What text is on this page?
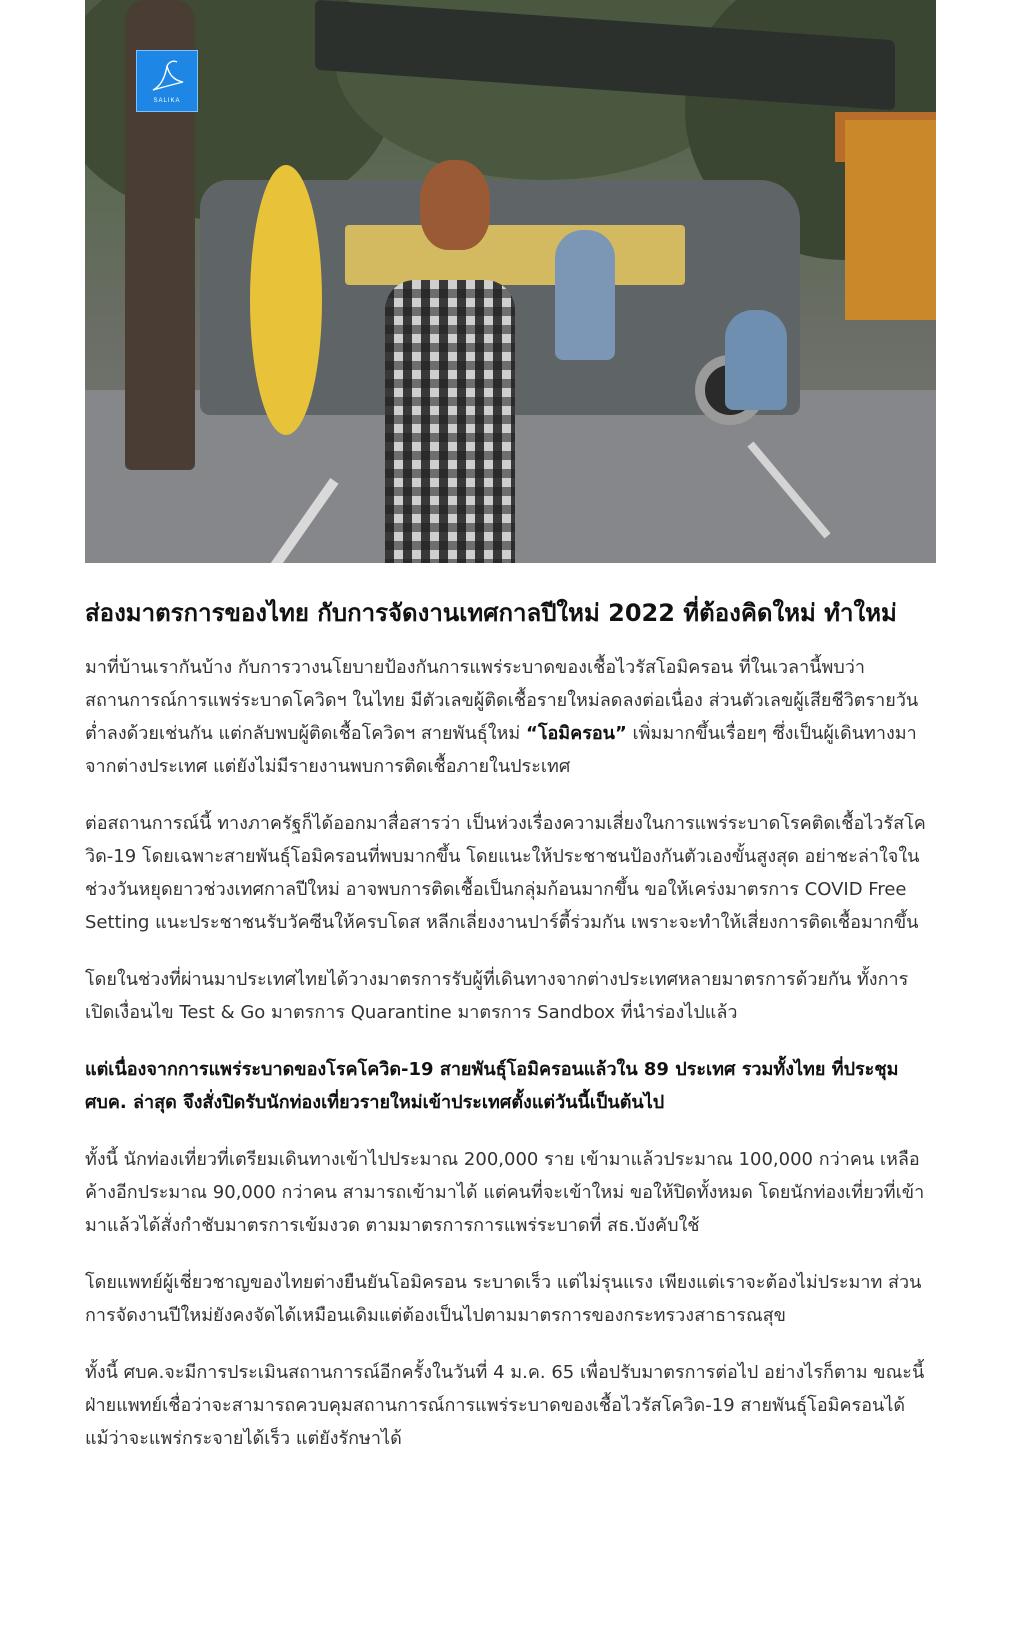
SALIKA
ส่องมาตรการของไทย กับการจัดงานเทศกาลปีใหม่ 2022 ที่ต้องคิดใหม่ ทำใหม่

มาที่บ้านเรากันบ้าง กับการวางนโยบายป้องกันการแพร่ระบาดของเชื้อไวรัสโอมิครอน ที่ในเวลานี้พบว่าสถานการณ์การแพร่ระบาดโควิดฯ ในไทย มีตัวเลขผู้ติดเชื้อรายใหม่ลดลงต่อเนื่อง ส่วนตัวเลขผู้เสียชีวิตรายวันต่ำลงด้วยเช่นกัน แต่กลับพบผู้ติดเชื้อโควิดฯ สายพันธุ์ใหม่ “โอมิครอน” เพิ่มมากขึ้นเรื่อยๆ ซึ่งเป็นผู้เดินทางมาจากต่างประเทศ แต่ยังไม่มีรายงานพบการติดเชื้อภายในประเทศ

ต่อสถานการณ์นี้ ทางภาครัฐก็ได้ออกมาสื่อสารว่า เป็นห่วงเรื่องความเสี่ยงในการแพร่ระบาดโรคติดเชื้อไวรัสโควิด-19 โดยเฉพาะสายพันธุ์โอมิครอนที่พบมากขึ้น โดยแนะให้ประชาชนป้องกันตัวเองขั้นสูงสุด อย่าชะล่าใจในช่วงวันหยุดยาวช่วงเทศกาลปีใหม่ อาจพบการติดเชื้อเป็นกลุ่มก้อนมากขึ้น ขอให้เคร่งมาตรการ COVID Free Setting แนะประชาชนรับวัคซีนให้ครบโดส หลีกเลี่ยงงานปาร์ตี้ร่วมกัน เพราะจะทำให้เสี่ยงการติดเชื้อมากขึ้น

โดยในช่วงที่ผ่านมาประเทศไทยได้วางมาตรการรับผู้ที่เดินทางจากต่างประเทศหลายมาตรการด้วยกัน ทั้งการเปิดเงื่อนไข Test & Go มาตรการ Quarantine มาตรการ Sandbox ที่นำร่องไปแล้ว

แต่เนื่องจากการแพร่ระบาดของโรคโควิด-19 สายพันธุ์โอมิครอนแล้วใน 89 ประเทศ รวมทั้งไทย ที่ประชุม ศบค. ล่าสุด จึงสั่งปิดรับนักท่องเที่ยวรายใหม่เข้าประเทศตั้งแต่วันนี้เป็นต้นไป

ทั้งนี้ นักท่องเที่ยวที่เตรียมเดินทางเข้าไปประมาณ 200,000 ราย เข้ามาแล้วประมาณ 100,000 กว่าคน เหลือค้างอีกประมาณ 90,000 กว่าคน สามารถเข้ามาได้ แต่คนที่จะเข้าใหม่ ขอให้ปิดทั้งหมด โดยนักท่องเที่ยวที่เข้ามาแล้วได้สั่งกำชับมาตรการเข้มงวด ตามมาตรการการแพร่ระบาดที่ สธ.บังคับใช้

โดยแพทย์ผู้เชี่ยวชาญของไทยต่างยืนยันโอมิครอน ระบาดเร็ว แต่ไม่รุนแรง เพียงแต่เราจะต้องไม่ประมาท ส่วนการจัดงานปีใหม่ยังคงจัดได้เหมือนเดิมแต่ต้องเป็นไปตามมาตรการของกระทรวงสาธารณสุข

ทั้งนี้ ศบค.จะมีการประเมินสถานการณ์อีกครั้งในวันที่ 4 ม.ค. 65 เพื่อปรับมาตรการต่อไป อย่างไรก็ตาม ขณะนี้ฝ่ายแพทย์เชื่อว่าจะสามารถควบคุมสถานการณ์การแพร่ระบาดของเชื้อไวรัสโควิด-19 สายพันธุ์โอมิครอนได้ แม้ว่าจะแพร่กระจายได้เร็ว แต่ยังรักษาได้
